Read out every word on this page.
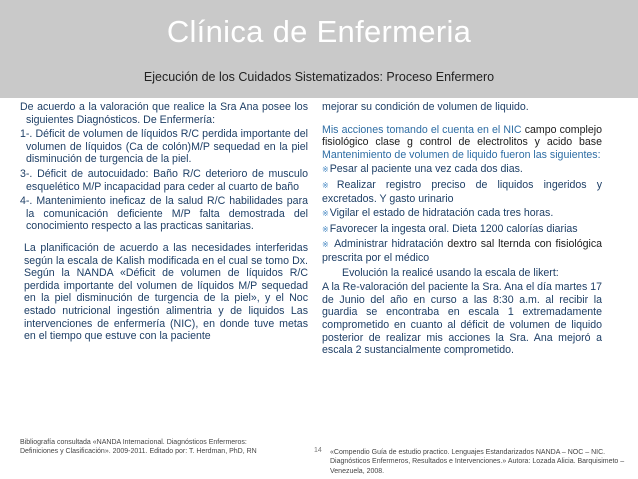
Clínica de Enfermeria
Ejecución de los Cuidados Sistematizados: Proceso Enfermero

De acuerdo a la valoración que realice la Sra Ana posee los siguientes Diagnósticos. De Enfermería:

1-. Déficit de volumen de líquidos R/C perdida importante del volumen de líquidos (Ca de colón)M/P sequedad en la piel disminución de turgencia de la piel.

3-. Déficit de autocuidado: Baño R/C deterioro de musculo esquelético M/P incapacidad para ceder al cuarto de baño

4-. Mantenimiento ineficaz de la salud R/C habilidades para la comunicación deficiente M/P falta demostrada del conocimiento respecto a las practicas sanitarias.

La planificación de acuerdo a las necesidades interferidas según la escala de Kalish modificada en el cual se tomo Dx. Según la NANDA «Déficit de volumen de líquidos R/C perdida importante del volumen de líquidos M/P sequedad en la piel disminución de turgencia de la piel», y el Noc estado nutricional ingestión alimentria y de liquidos Las intervenciones de enfermería (NIC), en donde tuve metas en el tiempo que estuve con la paciente

mejorar su condición de volumen de liquido.

Mis acciones tomando el cuenta en el NIC campo complejo fisiológico clase g control de electrolitos y acido base Mantenimiento de volumen de liquido fueron las siguientes:

※ Pesar al paciente una vez cada dos dias.

※ Realizar registro preciso de liquidos ingeridos y excretados. Y gasto urinario

※ Vigilar el estado de hidratación cada tres horas.

※ Favorecer la ingesta oral. Dieta 1200 calorías diarias

※ Administrar hidratación dextro sal lternda con fisiológica prescrita por el médico

Evolución la realicé usando la escala de likert:

A la Re-valoración del paciente la Sra. Ana el día martes 17 de Junio del año en curso a las 8:30 a.m. al recibir la guardia se encontraba en escala 1 extremadamente comprometido en cuanto al déficit de volumen de liquido posterior de realizar mis acciones la Sra. Ana mejoró a escala 2 sustancialmente comprometido.

Bibliografía consultada «NANDA Internacional. Diagnósticos Enfermeros: Definiciones y Clasificación». 2009-2011. Editado por: T. Herdman, PhD, RN	14 «Compendio Guía de estudio practico. Lenguajes Estandarizados NANDA – NOC – NIC. Diagnósticos Enfermeros, Resultados e Intervenciones.» Autora: Lozada Alicia. Barquisimeto – Venezuela, 2008.
